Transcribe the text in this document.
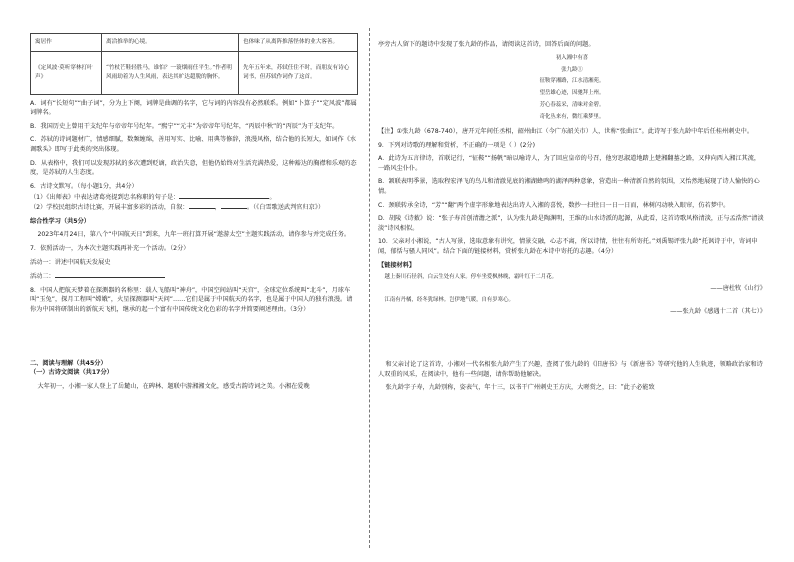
寓居作	离洽推举的心境。	也体味了从离阵推落怪体的业大客善。
《定风波·莫听穿林打叶声》	“竹杖芒鞋轻胜马，谁怕？一蓑烟雨任平生。”作者明风雨劫着为人生风雨，表达其旷达超脱的胸怀。	先年五年来，苏轼任住不时，而朋友有诗心词书，但苏轼作词作了这首。

A．词有“长短句”“曲子词”，分为上下阕，词牌是曲调的名字，它与词的内容没有必然联系。例如“卜算子”“定风波”都属词牌名。

B．我国历史上曾用干支纪年与帝帝年号纪年。“熙宁”“元丰”为帝帝年号纪年，“丙辰中秋”的“丙辰”为干支纪年。

C．苏轼的诗词题材广，情感细腻，数频缠绵，善用写实、比喻、用典等修辞，浪漫风格，结合他的长短大，如词作《水调歌头》即写于此类的突出体现。

D．从表格中，我们可以发现苏轼的多次遭到贬谪，政治失意，但他仍始终对生活充满热爱，这种豁达的胸襟和乐观的态度，是苏轼的人生态度。

6．古诗文默写。（每小题1分，共4分）

（1）《出师表》中表达诸葛亮提到忠名称职的句子是：	。

（2）学校民组织古诗比赛，开展丰富多彩的活动，自叙：	，	。（《白雪歌送武判官归京》）

综合性学习（共5分）

2023年4月24日，第八个“中国航天日”到来，九年一班打算开展“遨游太空”主题实践活动，请你参与并完成任务。

7．依照活动一，为本次主题实践再补充一个活动。（2分）

活动一：讲述中国航天发展史

活动二：

8．中国人把航天梦着在探测器的名称里：载人飞船叫“神舟”，中国空间站叫“天宫”，全球定位系统叫“北斗”，月球车叫“玉兔”，探月工程叫“嫦娥”，火星探测器叫“天问”……它们是属于中国航天的名字，也是属于中国人的独有浪漫。请你为中国将研制出的新航天飞机，继承的起一个富有中国传统文化色彩的名字并简要阐述理由。（3分）

二、阅读与理解（共45分）

（一）古诗文阅读（共17分）

大年初一，小湘一家人登上了岳麓山，在碑林、题联中游湘湘文化，感受古韵诗词之美。小湘在爱晚

亭旁古人留下的题诗中发现了张九龄的作品，请阅读这首诗，回答后面的问题。

初入湘中有喜
张九龄①
征鞍穿湘路，江水清湘苑。
望岳雄心迹，因驰拜上州。
芳心春蕊采，清味对金碧。
奇化丛来有，微红乘梦里。

【注】①张九龄（678-740），唐开元年间任丞相，韶州曲江（今广东韶关市）人，世称“张曲江”。此诗写于张九龄中年后任桂州刺史中。

9．下列对诗歌的理解和赏析，不正确的一项是（ ）(2分)

A．此诗为五言律诗，首联记行，“征鞍”“扬帆”暗以喻诗人，为了回应皇帝的号召，他穷思淑道地踏上楚湘翻墓之路，又伸向西入湘江其流，一路风尘仆仆。

B．颔联表明季景，选取程宏泽飞的鸟儿和清澈见底的湘湖蜂鸣的湖泽两种意象，营造出一种清新自然的氛围，又怡然地展现了诗人愉快的心情。

C．颈联转承全诗，“芳”“翻”两个虚字形象地表达出诗人入湘的喜悦，数抄一扫往日一日一日而，林树闪动映入眼帘，仿若梦中。

D．胡陵《诗薮》说：“张子寿首创清澹之派”，认为张九龄是陶渊明，王维的山水诗派的起源，从此看，这首诗歌风格清淡，正与孟浩然“清淡淡”诗风相似。

10．父亲对小湘说，“古人写景，选取意象有讲究，情景交融，心志不离，所以诗情，往往有所寄托。”刘禹锡评张九龄“托讽诗于中，寄词申闻，郁恬与骚人同风”。结合下面的链接材料，赏析张九龄在本诗中寄托的志趣。（4分）

【链接材料】

越上秦川石径斜，白云生处有人家。停车坐爱枫林晚，霜叶红于二月花。

——唐杜牧《山行》

江南有丹橘，经冬犹绿林。岂伊地气暖，自有岁寒心。

——张九龄《感遇十二首（其七）》

和父亲讨论了这首诗，小湘对一代名相张九龄产生了兴趣，查阅了张九龄的《旧唐书》与《新唐书》等研究他的人生轨迹，领略政治家和诗人双重的风采，在阅读中，他有一些问题，请你帮助他解决。

张九龄字子寿，九龄别称，姿表气，年十三，以书干广州刺史王方庆，大嗟赏之，曰：“此子必能致
